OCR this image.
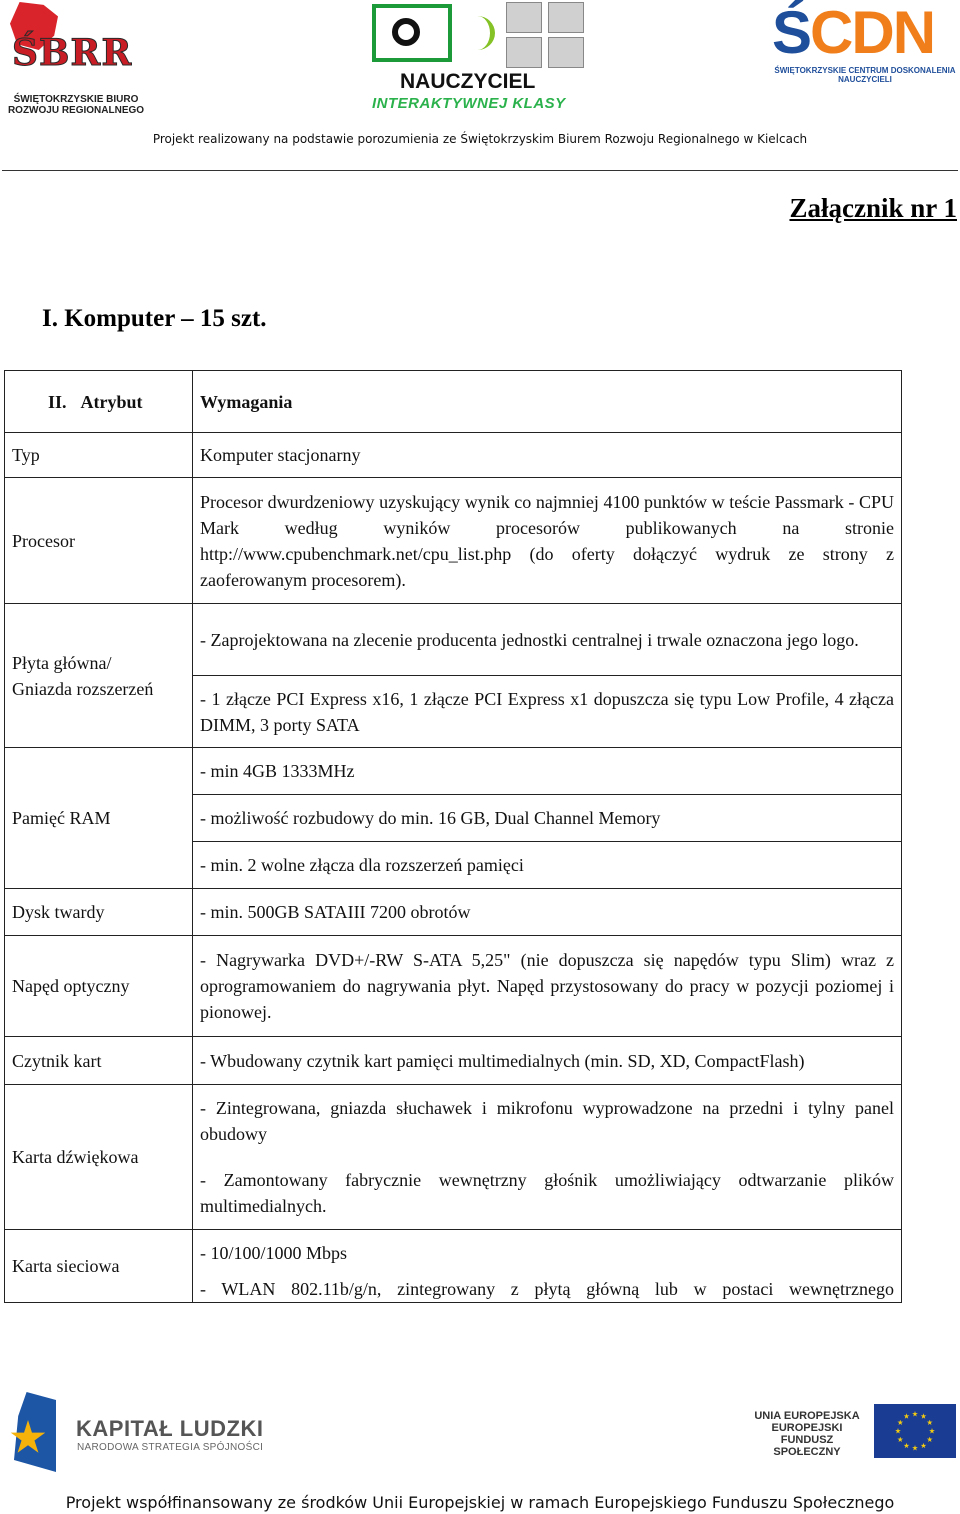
ŚBRR
ŚWIĘTOKRZYSKIE BIURO ROZWOJU REGIONALNEGO
NAUCZYCIEL
INTERAKTYWNEJ KLASY
ŚCDN
ŚWIĘTOKRZYSKIE CENTRUM DOSKONALENIA NAUCZYCIELI
Projekt realizowany na podstawie porozumienia ze Świętokrzyskim Biurem Rozwoju Regionalnego w Kielcach
Załącznik nr 1
I. Komputer – 15 szt.
II. Atrybut	Wymagania
Typ	Komputer stacjonarny
Procesor	Procesor dwurdzeniowy uzyskujący wynik co najmniej 4100 punktów w teście Passmark - CPU Mark według wyników procesorów publikowanych na stronie http://www.cpubenchmark.net/cpu_list.php (do oferty dołączyć wydruk ze strony z zaoferowanym procesorem).

Płyta główna/
Gniazda rozszerzeń	- Zaprojektowana na zlecenie producenta jednostki centralnej i trwale oznaczona jego logo.
	- 1 złącze PCI Express x16, 1 złącze PCI Express x1 dopuszcza się typu Low Profile, 4 złącza DIMM, 3 porty SATA
Pamięć RAM	- min 4GB 1333MHz
	- możliwość rozbudowy do min. 16 GB, Dual Channel Memory
	- min. 2 wolne złącza dla rozszerzeń pamięci
Dysk twardy	- min. 500GB SATAIII 7200 obrotów
Napęd optyczny	- Nagrywarka DVD+/-RW S-ATA 5,25" (nie dopuszcza się napędów typu Slim) wraz z oprogramowaniem do nagrywania płyt. Napęd przystosowany do pracy w pozycji poziomej i pionowej.
Czytnik kart	- Wbudowany czytnik kart pamięci multimedialnych (min. SD, XD, CompactFlash)
Karta dźwiękowa	- Zintegrowana, gniazda słuchawek i mikrofonu wyprowadzone na przedni i tylny panel obudowy
	- Zamontowany fabrycznie wewnętrzny głośnik umożliwiający odtwarzanie plików multimedialnych.
Karta sieciowa	- 10/100/1000 Mbps
	- WLAN 802.11b/g/n, zintegrowany z płytą główną lub w postaci wewnętrznego
KAPITAŁ LUDZKI
NARODOWA STRATEGIA SPÓJNOŚCI
UNIA EUROPEJSKA
EUROPEJSKI
FUNDUSZ SPOŁECZNY
Projekt współfinansowany ze środków Unii Europejskiej w ramach Europejskiego Funduszu Społecznego
